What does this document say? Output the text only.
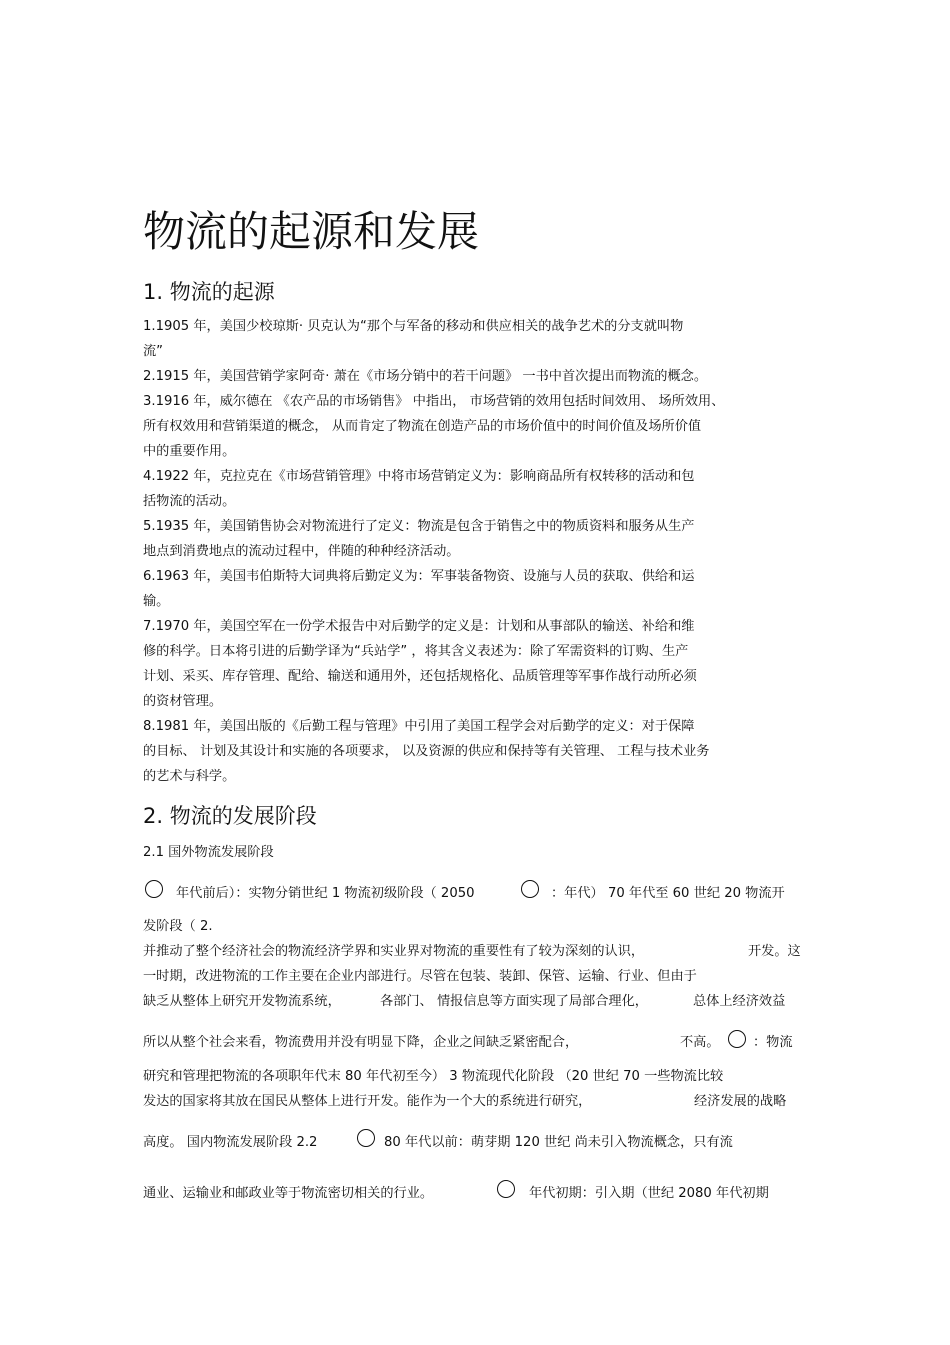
物流的起源和发展
1. 物流的起源
1.1905 年，美国少校琼斯· 贝克认为“那个与军备的移动和供应相关的战争艺术的分支就叫物
流”
2.1915 年，美国营销学家阿奇· 萧在《市场分销中的若干问题》 一书中首次提出而物流的概念。
3.1916 年，威尔德在 《农产品的市场销售》 中指出， 市场营销的效用包括时间效用、 场所效用、
所有权效用和营销渠道的概念， 从而肯定了物流在创造产品的市场价值中的时间价值及场所价值
中的重要作用。
4.1922 年，克拉克在《市场营销管理》中将市场营销定义为：影响商品所有权转移的活动和包
括物流的活动。
5.1935 年，美国销售协会对物流进行了定义：物流是包含于销售之中的物质资料和服务从生产
地点到消费地点的流动过程中，伴随的种种经济活动。
6.1963 年，美国韦伯斯特大词典将后勤定义为：军事装备物资、设施与人员的获取、供给和运
输。
7.1970 年，美国空军在一份学术报告中对后勤学的定义是：计划和从事部队的输送、补给和维
修的科学。日本将引进的后勤学译为“兵站学” ，将其含义表述为：除了军需资料的订购、生产
计划、采买、库存管理、配给、输送和通用外，还包括规格化、品质管理等军事作战行动所必须
的资材管理。
8.1981 年，美国出版的《后勤工程与管理》中引用了美国工程学会对后勤学的定义：对于保障
的目标、 计划及其设计和实施的各项要求， 以及资源的供应和保持等有关管理、 工程与技术业务
的艺术与科学。
2. 物流的发展阶段
2.1 国外物流发展阶段
年代前后）：实物分销世纪 1 物流初级阶段（ 2050	：年代） 70 年代至 60 世纪 20 物流开
发阶段（ 2.
并推动了整个经济社会的物流经济学界和实业界对物流的重要性有了较为深刻的认识，	开发。这
一时期，改进物流的工作主要在企业内部进行。尽管在包装、装卸、保管、运输、行业、但由于
缺乏从整体上研究开发物流系统，	各部门、 情报信息等方面实现了局部合理化，	总体上经济效益
所以从整个社会来看，物流费用并没有明显下降，企业之间缺乏紧密配合，	不高。	：物流
研究和管理把物流的各项职年代末 80 年代初至今） 3 物流现代化阶段 （20 世纪 70 一些物流比较
发达的国家将其放在国民从整体上进行开发。能作为一个大的系统进行研究，	经济发展的战略
高度。 国内物流发展阶段 2.2	80 年代以前：萌芽期 120 世纪 尚未引入物流概念，只有流
通业、运输业和邮政业等于物流密切相关的行业。	年代初期：引入期（世纪 2080 年代初期
